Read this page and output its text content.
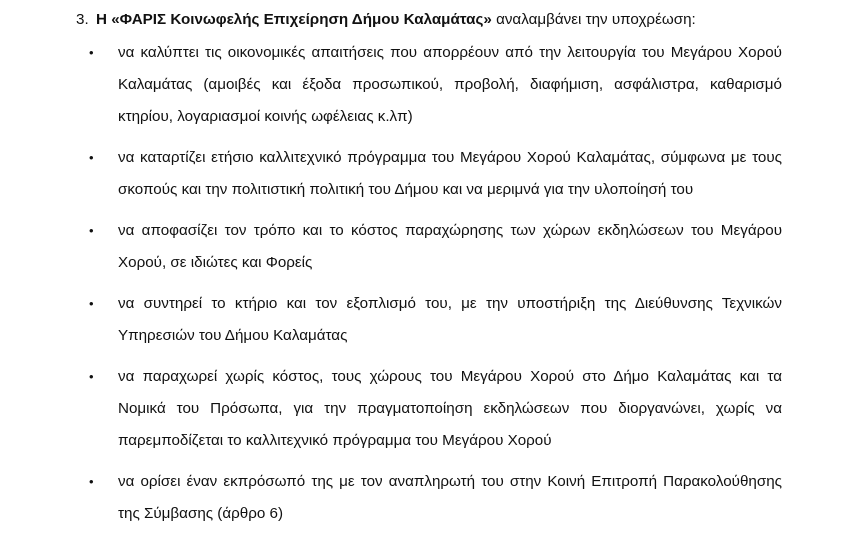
3. Η «ΦΑΡΙΣ Κοινωφελής Επιχείρηση Δήμου Καλαμάτας» αναλαμβάνει την υποχρέωση:
• να καλύπτει τις οικονομικές απαιτήσεις που απορρέουν από την λειτουργία του Μεγάρου Χορού Καλαμάτας (αμοιβές και έξοδα προσωπικού, προβολή, διαφήμιση, ασφάλιστρα, καθαρισμό κτηρίου, λογαριασμοί κοινής ωφέλειας κ.λπ)
• να καταρτίζει ετήσιο καλλιτεχνικό πρόγραμμα του Μεγάρου Χορού Καλαμάτας, σύμφωνα με τους σκοπούς και την πολιτιστική πολιτική του Δήμου και να μεριμνά για την υλοποίησή του
• να αποφασίζει τον τρόπο και το κόστος παραχώρησης των χώρων εκδηλώσεων του Μεγάρου Χορού, σε ιδιώτες και Φορείς
• να συντηρεί το κτήριο και τον εξοπλισμό του, με την υποστήριξη της Διεύθυνσης Τεχνικών Υπηρεσιών του Δήμου Καλαμάτας
• να παραχωρεί χωρίς κόστος, τους χώρους του Μεγάρου Χορού στο Δήμο Καλαμάτας και τα Νομικά του Πρόσωπα, για την πραγματοποίηση εκδηλώσεων που διοργανώνει, χωρίς να παρεμποδίζεται το καλλιτεχνικό πρόγραμμα του Μεγάρου Χορού
• να ορίσει έναν εκπρόσωπό της με τον αναπληρωτή του στην Κοινή Επιτροπή Παρακολούθησης της Σύμβασης (άρθρο 6)
